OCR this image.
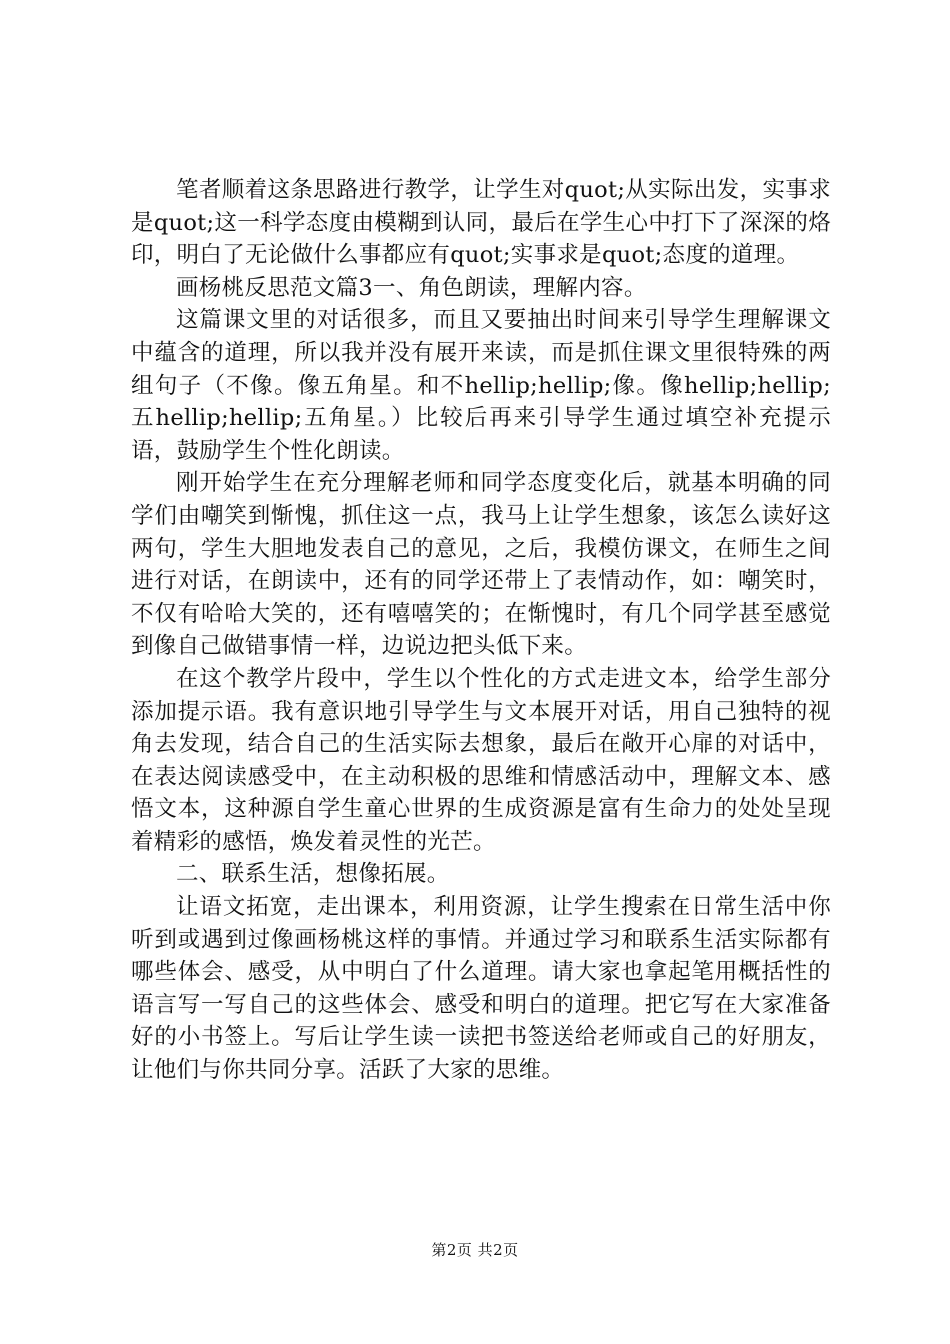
笔者顺着这条思路进行教学，让学生对quot;从实际出发，实事求是quot;这一科学态度由模糊到认同，最后在学生心中打下了深深的烙印，明白了无论做什么事都应有quot;实事求是quot;态度的道理。

画杨桃反思范文篇3一、角色朗读，理解内容。

这篇课文里的对话很多，而且又要抽出时间来引导学生理解课文中蕴含的道理，所以我并没有展开来读，而是抓住课文里很特殊的两组句子（不像。像五角星。和不hellip;hellip;像。像hellip;hellip;五hellip;hellip;五角星。）比较后再来引导学生通过填空补充提示语，鼓励学生个性化朗读。

刚开始学生在充分理解老师和同学态度变化后，就基本明确的同学们由嘲笑到惭愧，抓住这一点，我马上让学生想象，该怎么读好这两句，学生大胆地发表自己的意见，之后，我模仿课文，在师生之间进行对话，在朗读中，还有的同学还带上了表情动作，如：嘲笑时，不仅有哈哈大笑的，还有嘻嘻笑的；在惭愧时，有几个同学甚至感觉到像自己做错事情一样，边说边把头低下来。

在这个教学片段中，学生以个性化的方式走进文本，给学生部分添加提示语。我有意识地引导学生与文本展开对话，用自己独特的视角去发现，结合自己的生活实际去想象，最后在敞开心扉的对话中，在表达阅读感受中，在主动积极的思维和情感活动中，理解文本、感悟文本，这种源自学生童心世界的生成资源是富有生命力的处处呈现着精彩的感悟，焕发着灵性的光芒。

二、联系生活，想像拓展。

让语文拓宽，走出课本，利用资源，让学生搜索在日常生活中你听到或遇到过像画杨桃这样的事情。并通过学习和联系生活实际都有哪些体会、感受，从中明白了什么道理。请大家也拿起笔用概括性的语言写一写自己的这些体会、感受和明白的道理。把它写在大家准备好的小书签上。写后让学生读一读把书签送给老师或自己的好朋友，让他们与你共同分享。活跃了大家的思维。

第2页 共2页
